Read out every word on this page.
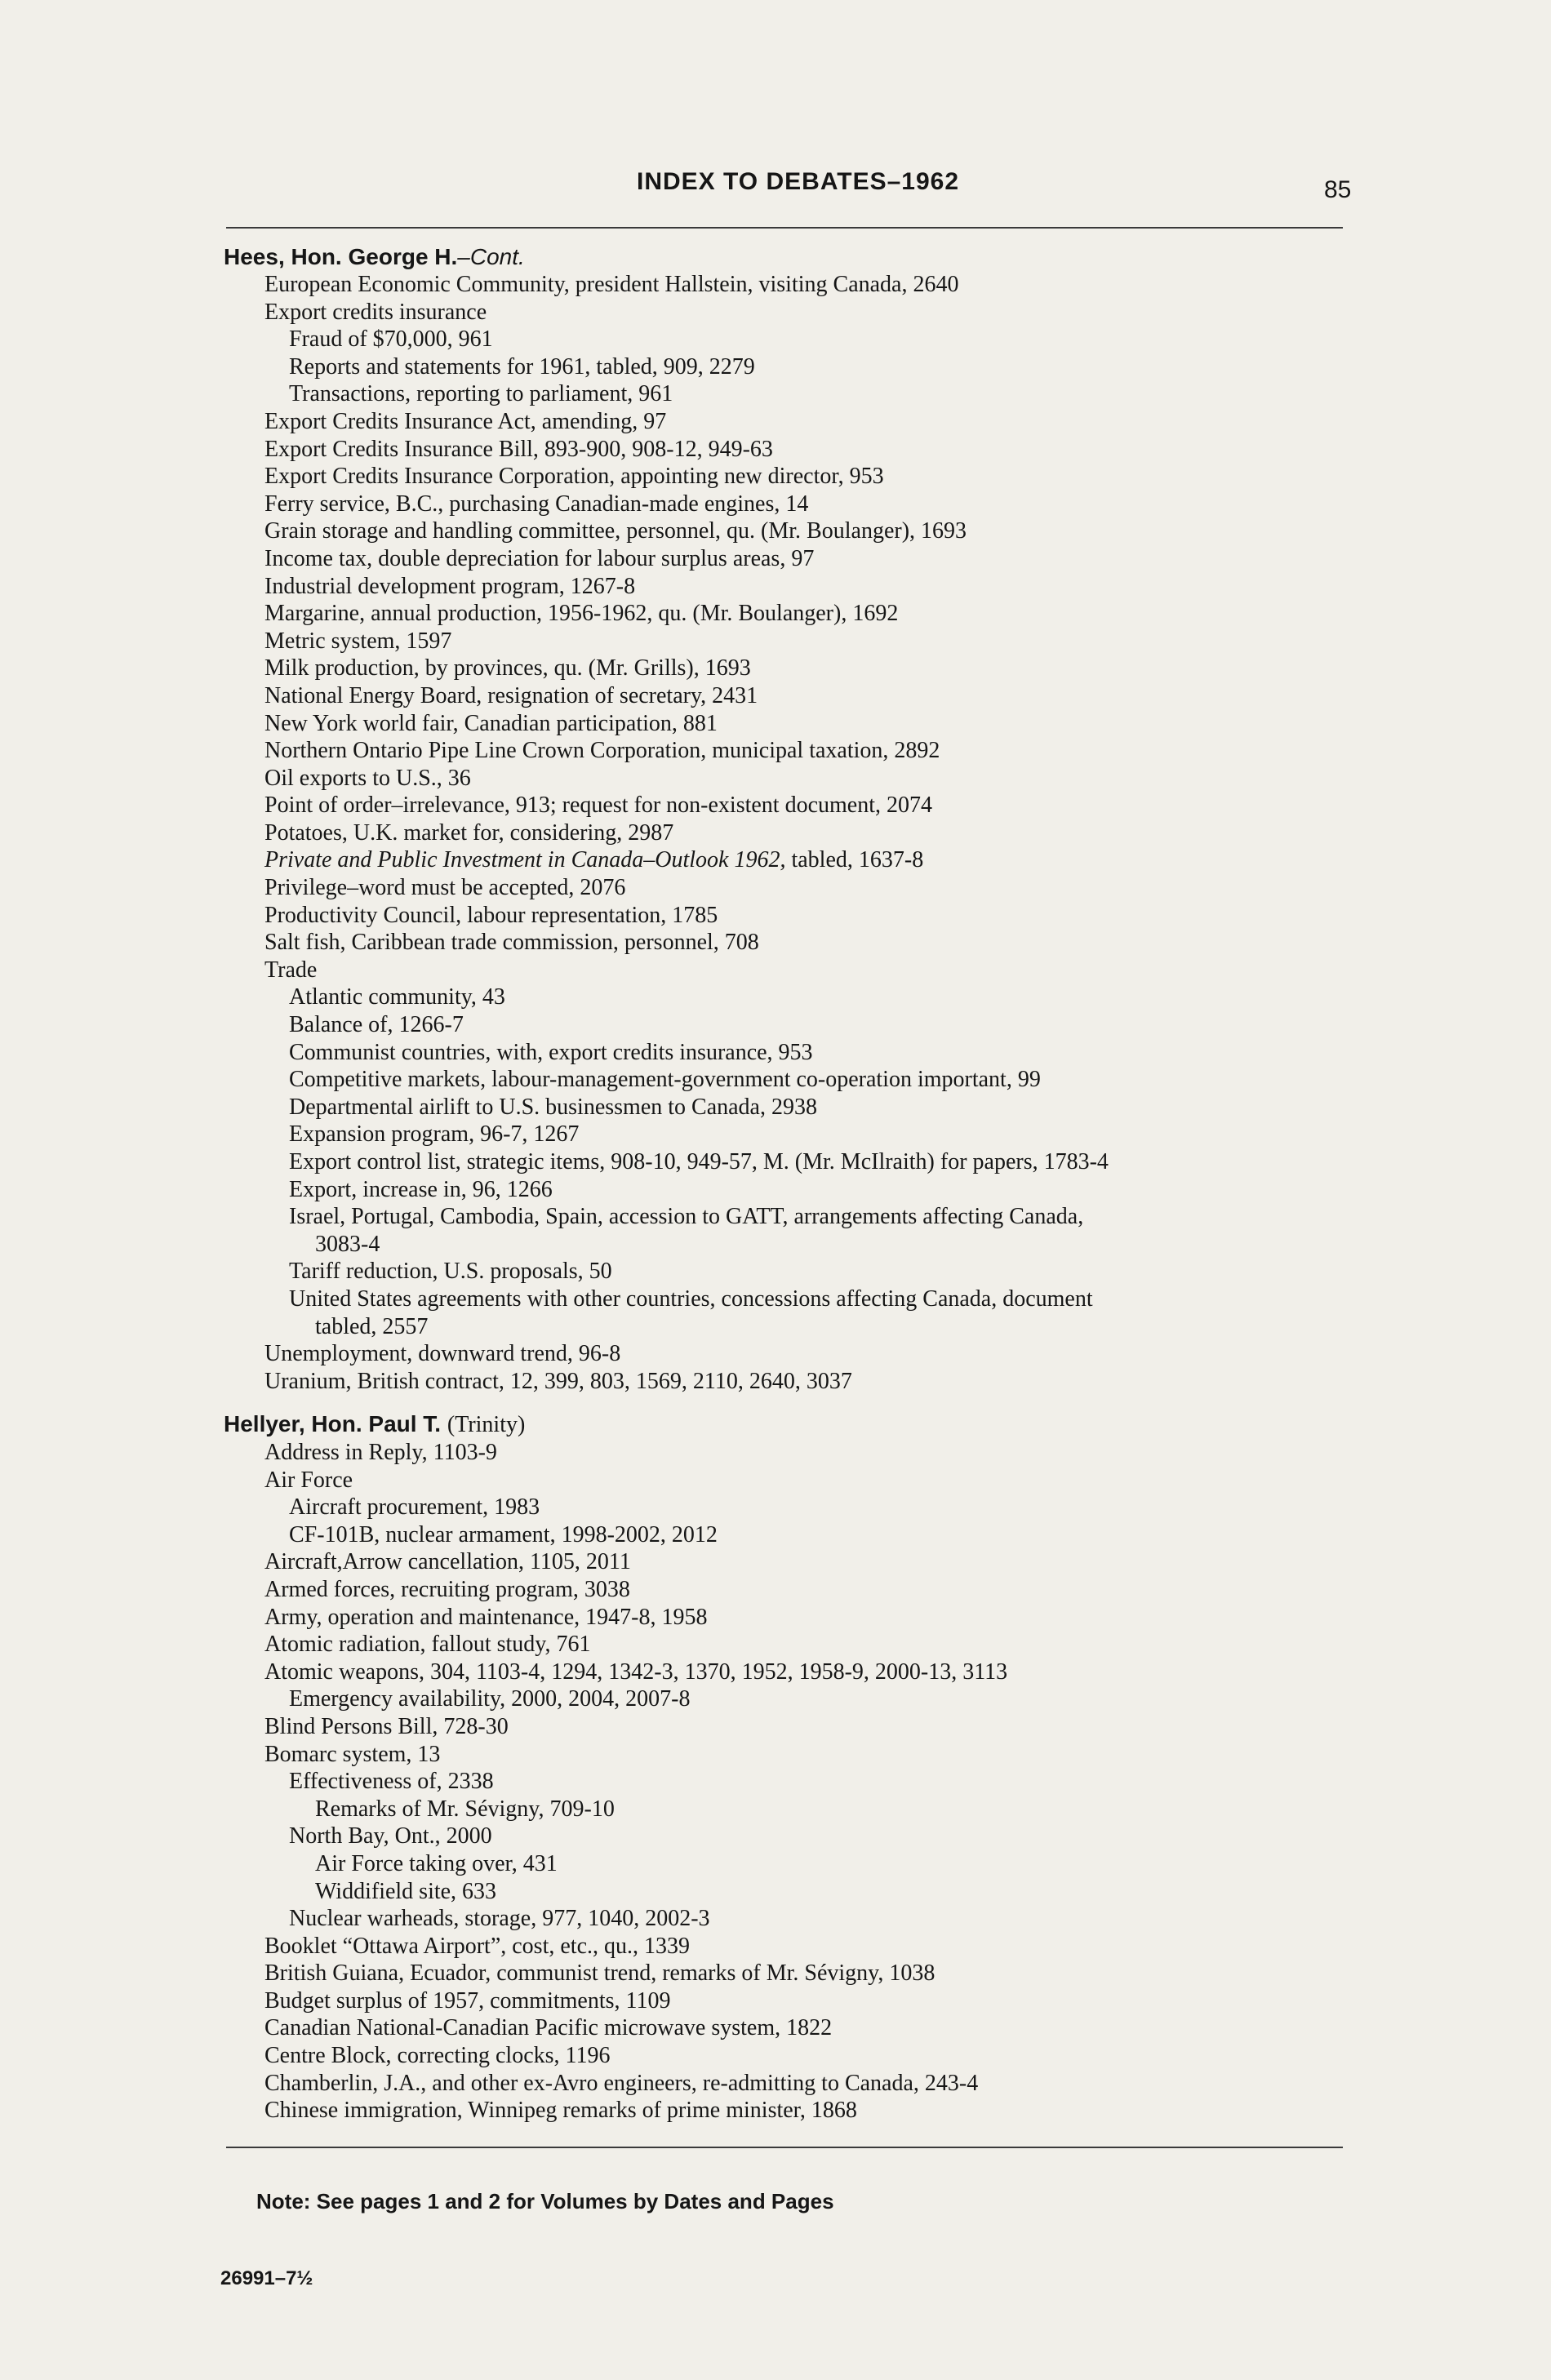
INDEX TO DEBATES–1962	85
Hees, Hon. George H.–Cont.
European Economic Community, president Hallstein, visiting Canada, 2640
Export credits insurance
Fraud of $70,000, 961
Reports and statements for 1961, tabled, 909, 2279
Transactions, reporting to parliament, 961
Export Credits Insurance Act, amending, 97
Export Credits Insurance Bill, 893-900, 908-12, 949-63
Export Credits Insurance Corporation, appointing new director, 953
Ferry service, B.C., purchasing Canadian-made engines, 14
Grain storage and handling committee, personnel, qu. (Mr. Boulanger), 1693
Income tax, double depreciation for labour surplus areas, 97
Industrial development program, 1267-8
Margarine, annual production, 1956-1962, qu. (Mr. Boulanger), 1692
Metric system, 1597
Milk production, by provinces, qu. (Mr. Grills), 1693
National Energy Board, resignation of secretary, 2431
New York world fair, Canadian participation, 881
Northern Ontario Pipe Line Crown Corporation, municipal taxation, 2892
Oil exports to U.S., 36
Point of order–irrelevance, 913; request for non-existent document, 2074
Potatoes, U.K. market for, considering, 2987
Private and Public Investment in Canada–Outlook 1962, tabled, 1637-8
Privilege–word must be accepted, 2076
Productivity Council, labour representation, 1785
Salt fish, Caribbean trade commission, personnel, 708
Trade
Atlantic community, 43
Balance of, 1266-7
Communist countries, with, export credits insurance, 953
Competitive markets, labour-management-government co-operation important, 99
Departmental airlift to U.S. businessmen to Canada, 2938
Expansion program, 96-7, 1267
Export control list, strategic items, 908-10, 949-57, M. (Mr. McIlraith) for papers, 1783-4
Export, increase in, 96, 1266
Israel, Portugal, Cambodia, Spain, accession to GATT, arrangements affecting Canada,
3083-4
Tariff reduction, U.S. proposals, 50
United States agreements with other countries, concessions affecting Canada, document
tabled, 2557
Unemployment, downward trend, 96-8
Uranium, British contract, 12, 399, 803, 1569, 2110, 2640, 3037
Hellyer, Hon. Paul T. (Trinity)
Address in Reply, 1103-9
Air Force
Aircraft procurement, 1983
CF-101B, nuclear armament, 1998-2002, 2012
Aircraft,Arrow cancellation, 1105, 2011
Armed forces, recruiting program, 3038
Army, operation and maintenance, 1947-8, 1958
Atomic radiation, fallout study, 761
Atomic weapons, 304, 1103-4, 1294, 1342-3, 1370, 1952, 1958-9, 2000-13, 3113
Emergency availability, 2000, 2004, 2007-8
Blind Persons Bill, 728-30
Bomarc system, 13
Effectiveness of, 2338
Remarks of Mr. Sévigny, 709-10
North Bay, Ont., 2000
Air Force taking over, 431
Widdifield site, 633
Nuclear warheads, storage, 977, 1040, 2002-3
Booklet “Ottawa Airport”, cost, etc., qu., 1339
British Guiana, Ecuador, communist trend, remarks of Mr. Sévigny, 1038
Budget surplus of 1957, commitments, 1109
Canadian National-Canadian Pacific microwave system, 1822
Centre Block, correcting clocks, 1196
Chamberlin, J.A., and other ex-Avro engineers, re-admitting to Canada, 243-4
Chinese immigration, Winnipeg remarks of prime minister, 1868
Note: See pages 1 and 2 for Volumes by Dates and Pages
26991–7½
